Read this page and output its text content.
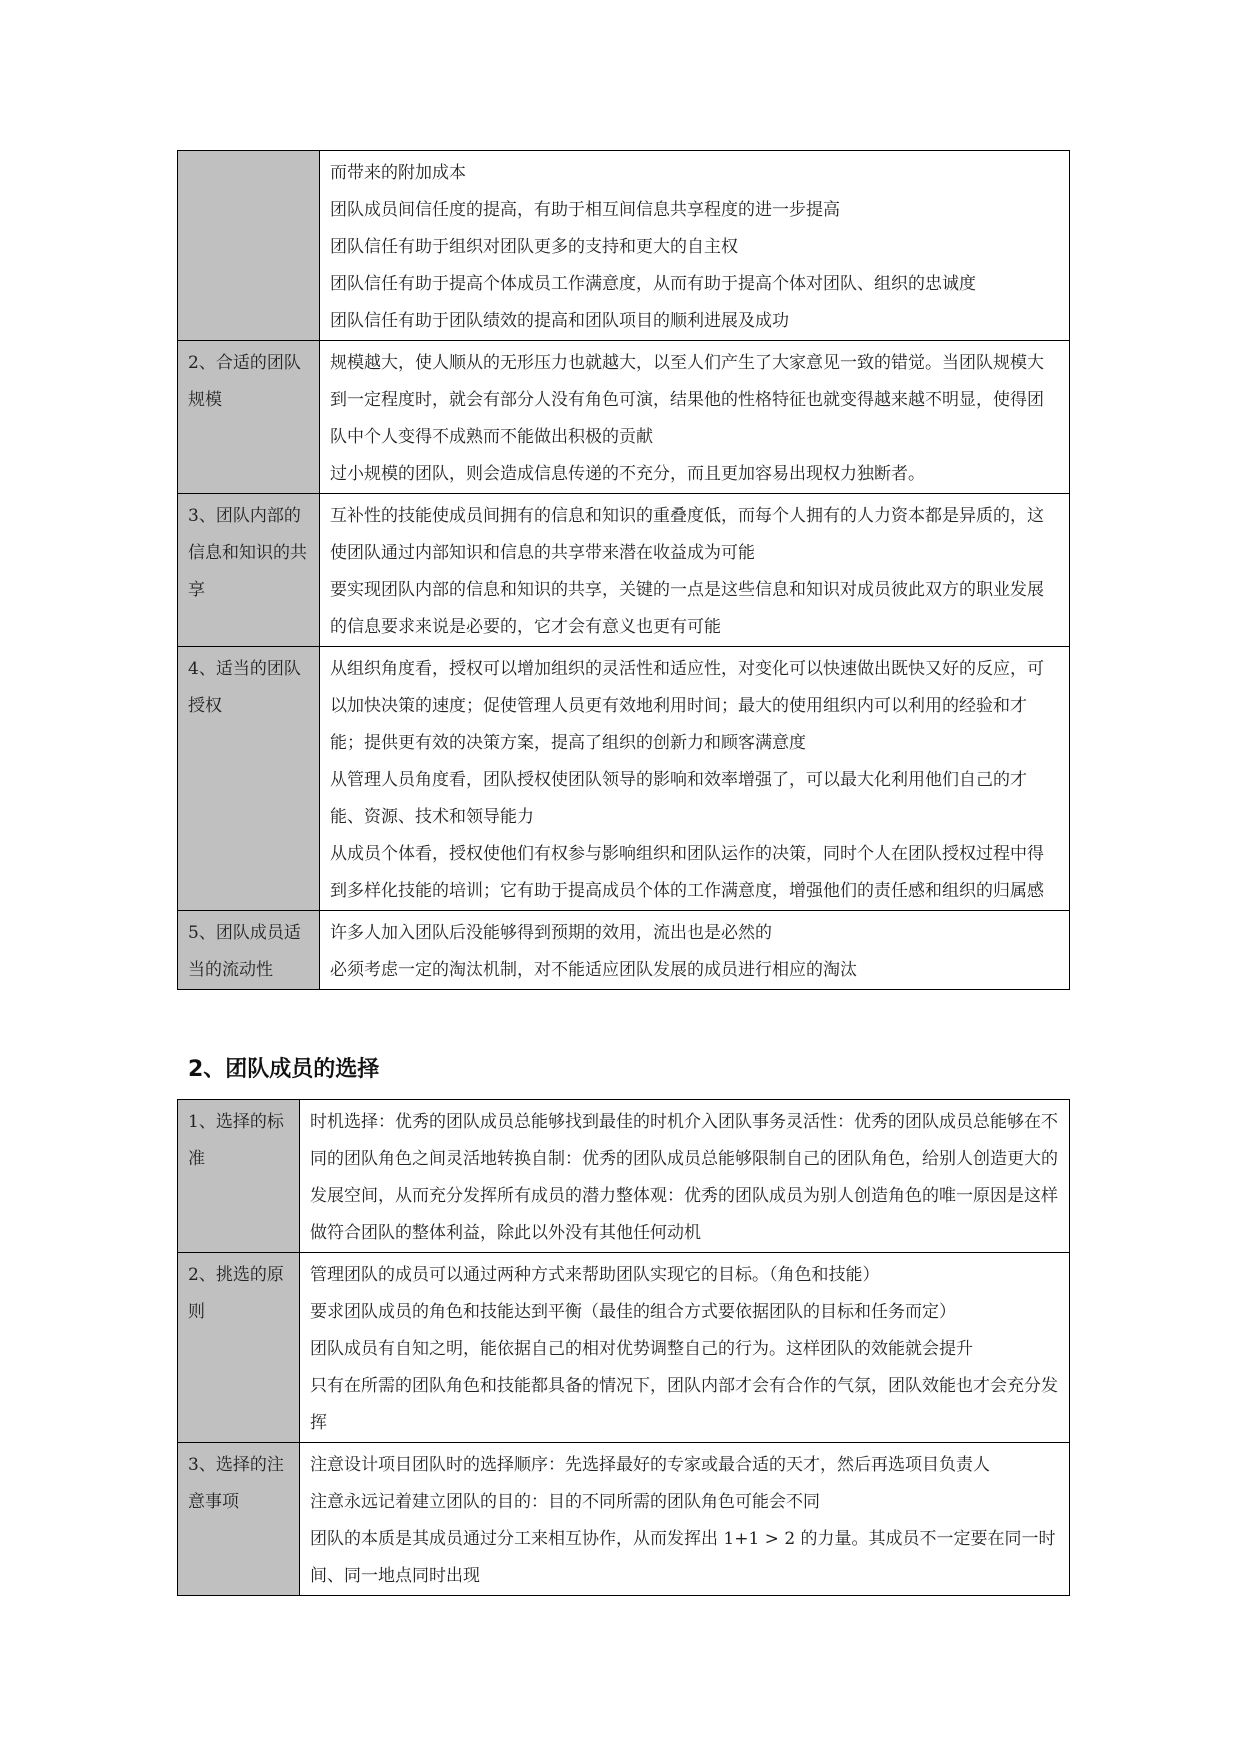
	而带来的附加成本
团队成员间信任度的提高，有助于相互间信息共享程度的进一步提高
团队信任有助于组织对团队更多的支持和更大的自主权
团队信任有助于提高个体成员工作满意度，从而有助于提高个体对团队、组织的忠诚度
团队信任有助于团队绩效的提高和团队项目的顺利进展及成功

2、合适的团队规模	规模越大，使人顺从的无形压力也就越大，以至人们产生了大家意见一致的错觉。当团队规模大到一定程度时，就会有部分人没有角色可演，结果他的性格特征也就变得越来越不明显，使得团队中个人变得不成熟而不能做出积极的贡献
过小规模的团队，则会造成信息传递的不充分，而且更加容易出现权力独断者。

3、团队内部的信息和知识的共享	互补性的技能使成员间拥有的信息和知识的重叠度低，而每个人拥有的人力资本都是异质的，这使团队通过内部知识和信息的共享带来潜在收益成为可能
要实现团队内部的信息和知识的共享，关键的一点是这些信息和知识对成员彼此双方的职业发展的信息要求来说是必要的，它才会有意义也更有可能

4、适当的团队授权	从组织角度看，授权可以增加组织的灵活性和适应性，对变化可以快速做出既快又好的反应，可以加快决策的速度；促使管理人员更有效地利用时间；最大的使用组织内可以利用的经验和才能；提供更有效的决策方案，提高了组织的创新力和顾客满意度
从管理人员角度看，团队授权使团队领导的影响和效率增强了，可以最大化利用他们自己的才能、资源、技术和领导能力
从成员个体看，授权使他们有权参与影响组织和团队运作的决策，同时个人在团队授权过程中得到多样化技能的培训；它有助于提高成员个体的工作满意度，增强他们的责任感和组织的归属感

5、团队成员适当的流动性	许多人加入团队后没能够得到预期的效用，流出也是必然的
必须考虑一定的淘汰机制，对不能适应团队发展的成员进行相应的淘汰
2、团队成员的选择
1、选择的标准	时机选择：优秀的团队成员总能够找到最佳的时机介入团队事务灵活性：优秀的团队成员总能够在不同的团队角色之间灵活地转换自制：优秀的团队成员总能够限制自己的团队角色，给别人创造更大的发展空间，从而充分发挥所有成员的潜力整体观：优秀的团队成员为别人创造角色的唯一原因是这样做符合团队的整体利益，除此以外没有其他任何动机

2、挑选的原则	管理团队的成员可以通过两种方式来帮助团队实现它的目标。（角色和技能）
要求团队成员的角色和技能达到平衡（最佳的组合方式要依据团队的目标和任务而定）
团队成员有自知之明，能依据自己的相对优势调整自己的行为。这样团队的效能就会提升
只有在所需的团队角色和技能都具备的情况下，团队内部才会有合作的气氛，团队效能也才会充分发挥

3、选择的注意事项	注意设计项目团队时的选择顺序：先选择最好的专家或最合适的天才，然后再选项目负责人
注意永远记着建立团队的目的：目的不同所需的团队角色可能会不同
团队的本质是其成员通过分工来相互协作，从而发挥出 1+1 > 2 的力量。其成员不一定要在同一时间、同一地点同时出现
